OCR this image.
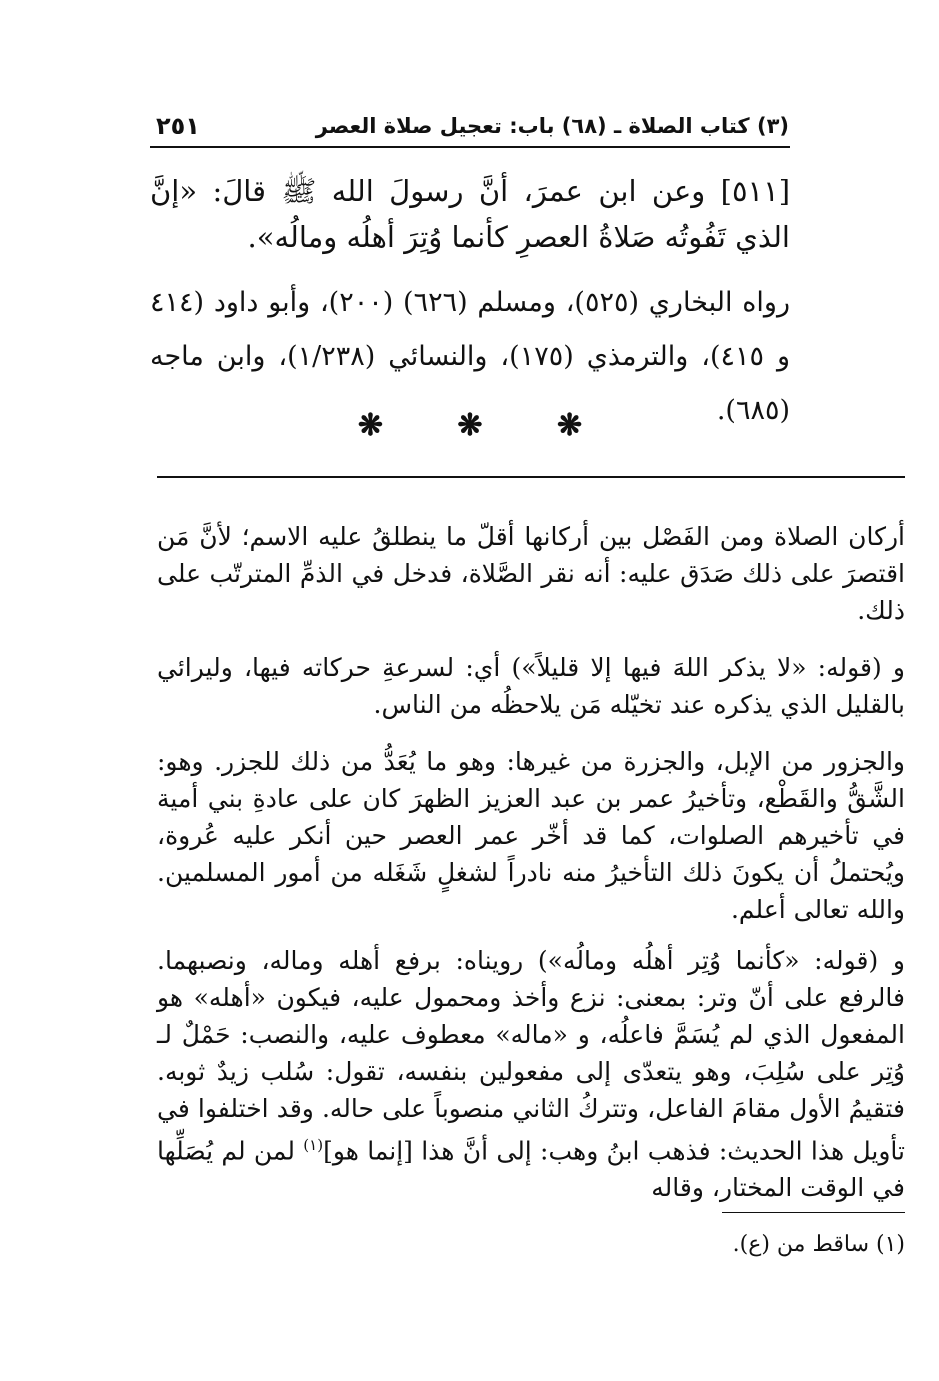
(٣) كتاب الصلاة ـ (٦٨) باب: تعجيل صلاة العصر
٢٥١

[٥١١] وعن ابن عمرَ، أنَّ رسولَ الله ﷺ قالَ: «إنَّ الذي تَفُوتُه صَلاةُ العصرِ كأنما وُتِرَ أهلُه ومالُه».

رواه البخاري (٥٢٥)، ومسلم (٦٢٦) (٢٠٠)، وأبو داود (٤١٤ و ٤١٥)، والترمذي (١٧٥)، والنسائي (١/٢٣٨)، وابن ماجه (٦٨٥).

❋ ❋ ❋

أركان الصلاة ومن الفَصْل بين أركانها أقلّ ما ينطلقُ عليه الاسم؛ لأنَّ مَن اقتصرَ على ذلك صَدَق عليه: أنه نقر الصَّلاة، فدخل في الذمِّ المترتّب على ذلك.

و (قوله: «لا يذكر اللهَ فيها إلا قليلاً») أي: لسرعةِ حركاته فيها، وليرائي بالقليل الذي يذكره عند تخيّله مَن يلاحظُه من الناس.

والجزور من الإبل، والجزرة من غيرها: وهو ما يُعَدُّ من ذلك للجزر. وهو: الشَّقُّ والقَطْع، وتأخيرُ عمر بن عبد العزيز الظهرَ كان على عادةِ بني أمية في تأخيرهم الصلوات، كما قد أخّر عمر العصر حين أنكر عليه عُروة، ويُحتملُ أن يكونَ ذلك التأخيرُ منه نادراً لشغلٍ شَغَله من أمور المسلمين. والله تعالى أعلم.

و (قوله: «كأنما وُتِر أهلُه ومالُه») رويناه: برفع أهله وماله، ونصبهما. فالرفع على أنّ وتر: بمعنى: نزع وأخذ ومحمول عليه، فيكون «أهله» هو المفعول الذي لم يُسَمَّ فاعلُه، و «ماله» معطوف عليه، والنصب: حَمْلٌ لـ وُتِر على سُلِبَ، وهو يتعدّى إلى مفعولين بنفسه، تقول: سُلب زيدٌ ثوبه. فتقيمُ الأول مقامَ الفاعل، وتتركُ الثاني منصوباً على حاله. وقد اختلفوا في تأويل هذا الحديث: فذهب ابنُ وهب: إلى أنَّ هذا [إنما هو]$^{(١)}$ لمن لم يُصَلِّها في الوقت المختار، وقاله

(١) ساقط من (ع).
